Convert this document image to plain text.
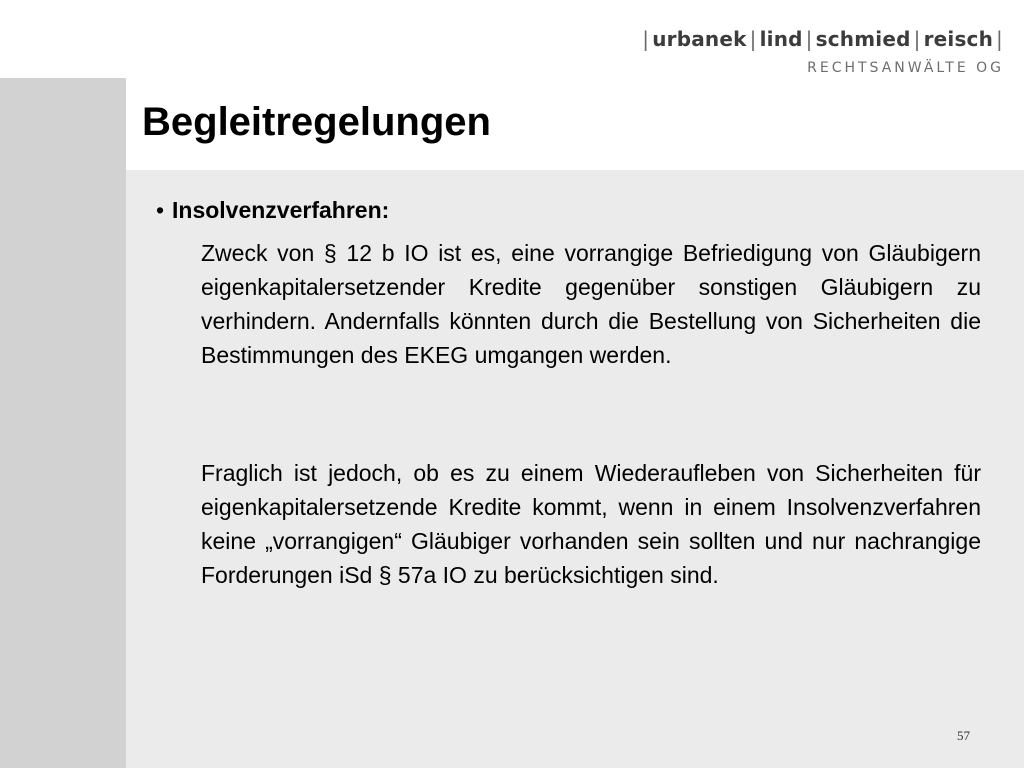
| urbanek | lind | schmied | reisch |
RECHTSANWÄLTE OG
Begleitregelungen
• Insolvenzverfahren:

Zweck von § 12 b IO ist es, eine vorrangige Befriedigung von Gläubigern eigenkapitalersetzender Kredite gegenüber sonstigen Gläubigern zu verhindern. Andernfalls könnten durch die Bestellung von Sicherheiten die Bestimmungen des EKEG umgangen werden.

Fraglich ist jedoch, ob es zu einem Wiederaufleben von Sicherheiten für eigenkapitalersetzende Kredite kommt, wenn in einem Insolvenzverfahren keine „vorrangigen“ Gläubiger vorhanden sein sollten und nur nachrangige Forderungen iSd § 57a IO zu berücksichtigen sind.

57
